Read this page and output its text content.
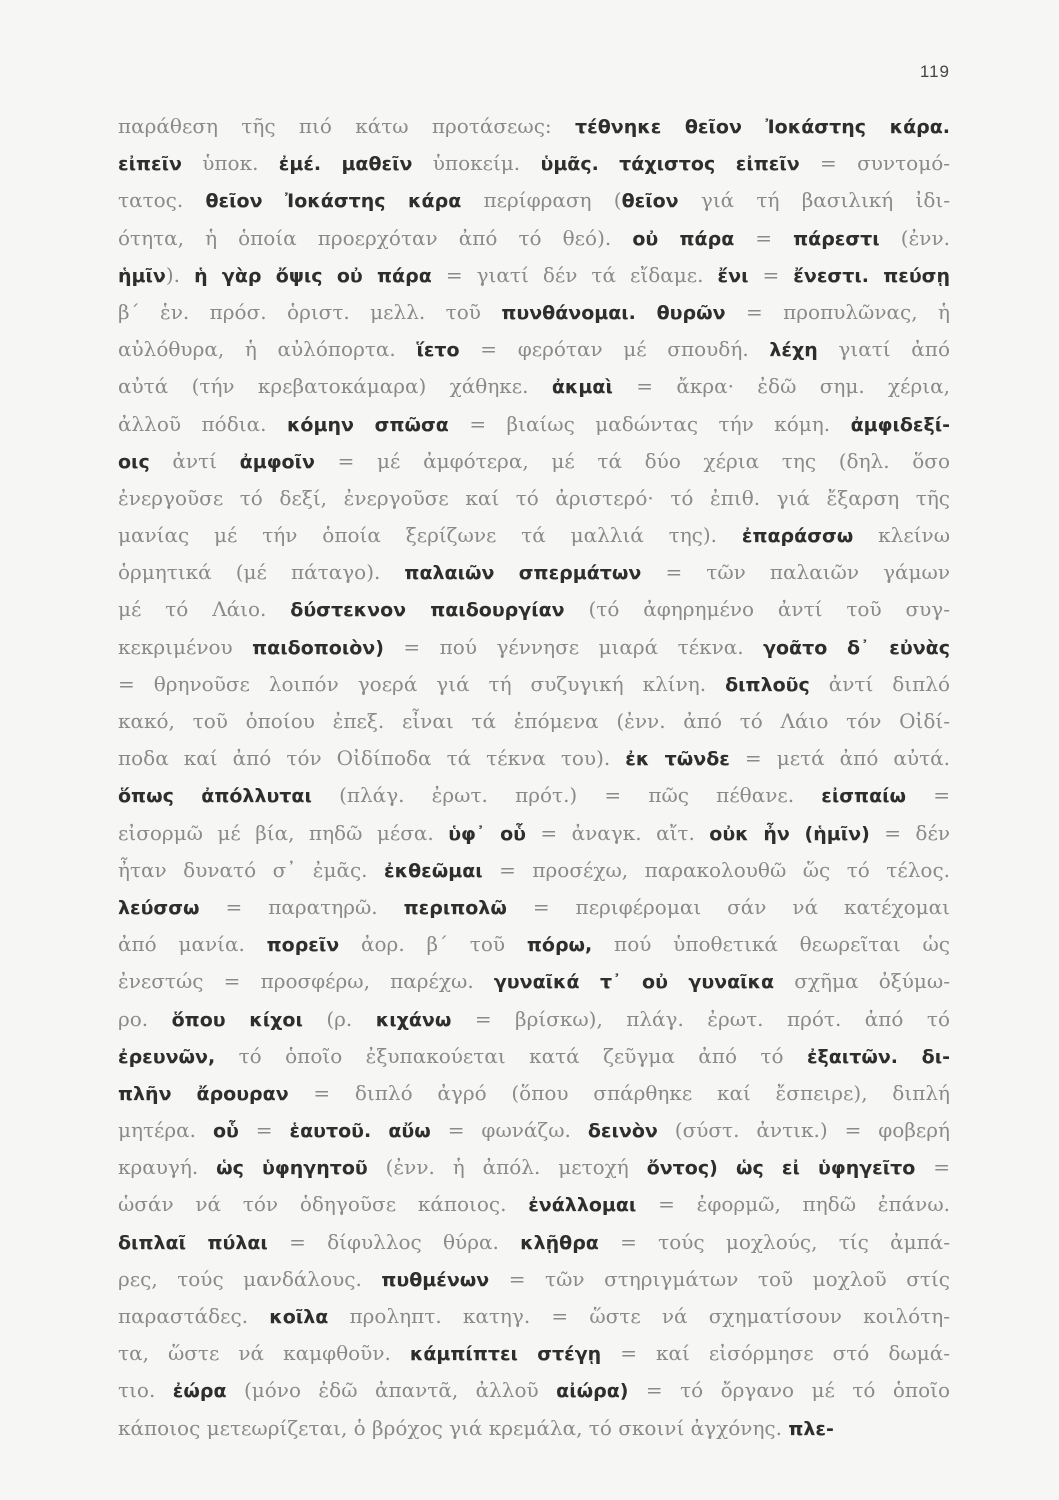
119
παράθεση τῆς πιό κάτω προτάσεως: τέθνηκε θεῖον Ἰοκάστης κάρα.
εἰπεῖν ὑποκ. ἐμέ. μαθεῖν ὑποκείμ. ὑμᾶς. τάχιστος εἰπεῖν = συντομό-
τατος. θεῖον Ἰοκάστης κάρα περίφραση (θεῖον γιά τή βασιλική ἰδι-
ότητα, ἡ ὁποία προερχόταν ἀπό τό θεό). οὐ πάρα = πάρεστι (ἐνν.
ἡμῖν). ἡ γὰρ ὄψις οὐ πάρα = γιατί δέν τά εἴδαμε. ἔνι = ἔνεστι. πεύσῃ
β΄ ἑν. πρόσ. ὁριστ. μελλ. τοῦ πυνθάνομαι. θυρῶν = προπυλῶνας, ἡ
αὐλόθυρα, ἡ αὐλόπορτα. ἵετο = φερόταν μέ σπουδή. λέχη γιατί ἀπό
αὐτά (τήν κρεβατοκάμαρα) χάθηκε. ἀκμαὶ = ἄκρα· ἐδῶ σημ. χέρια,
ἀλλοῦ πόδια. κόμην σπῶσα = βιαίως μαδώντας τήν κόμη. ἀμφιδεξί-
οις ἀντί ἀμφοῖν = μέ ἀμφότερα, μέ τά δύο χέρια της (δηλ. ὅσο
ἐνεργοῦσε τό δεξί, ἐνεργοῦσε καί τό ἀριστερό· τό ἐπιθ. γιά ἔξαρση τῆς
μανίας μέ τήν ὁποία ξερίζωνε τά μαλλιά της). ἐπαράσσω κλείνω
ὁρμητικά (μέ πάταγο). παλαιῶν σπερμάτων = τῶν παλαιῶν γάμων
μέ τό Λάιο. δύστεκνον παιδουργίαν (τό ἀφηρημένο ἀντί τοῦ συγ-
κεκριμένου παιδοποιὸν) = πού γέννησε μιαρά τέκνα. γοᾶτο δ᾽ εὐνὰς
= θρηνοῦσε λοιπόν γοερά γιά τή συζυγική κλίνη. διπλοῦς ἀντί διπλό
κακό, τοῦ ὁποίου ἐπεξ. εἶναι τά ἑπόμενα (ἐνν. ἀπό τό Λάιο τόν Οἰδί-
ποδα καί ἀπό τόν Οἰδίποδα τά τέκνα του). ἐκ τῶνδε = μετά ἀπό αὐτά.
ὅπως ἀπόλλυται (πλάγ. ἐρωτ. πρότ.) = πῶς πέθανε. εἰσπαίω =
εἰσορμῶ μέ βία, πηδῶ μέσα. ὑφ᾽ οὗ = ἀναγκ. αἴτ. οὐκ ἦν (ἡμῖν) = δέν
ἦταν δυνατό σ᾽ ἐμᾶς. ἐκθεῶμαι = προσέχω, παρακολουθῶ ὥς τό τέλος.
λεύσσω = παρατηρῶ. περιπολῶ = περιφέρομαι σάν νά κατέχομαι
ἀπό μανία. πορεῖν ἀορ. β΄ τοῦ πόρω, πού ὑποθετικά θεωρεῖται ὡς
ἐνεστώς = προσφέρω, παρέχω. γυναῖκά τ᾽ οὐ γυναῖκα σχῆμα ὀξύμω-
ρο. ὅπου κίχοι (ρ. κιχάνω = βρίσκω), πλάγ. ἐρωτ. πρότ. ἀπό τό
ἐρευνῶν, τό ὁποῖο ἐξυπακούεται κατά ζεῦγμα ἀπό τό ἐξαιτῶν. δι-
πλῆν ἄρουραν = διπλό ἀγρό (ὅπου σπάρθηκε καί ἔσπειρε), διπλή
μητέρα. οὗ = ἑαυτοῦ. αὔω = φωνάζω. δεινὸν (σύστ. ἀντικ.) = φοβερή
κραυγή. ὡς ὑφηγητοῦ (ἐνν. ἡ ἀπόλ. μετοχή ὄντος) ὡς εἰ ὑφηγεῖτο =
ὡσάν νά τόν ὁδηγοῦσε κάποιος. ἐνάλλομαι = ἐφορμῶ, πηδῶ ἐπάνω.
διπλαῖ πύλαι = δίφυλλος θύρα. κλῇθρα = τούς μοχλούς, τίς ἀμπά-
ρες, τούς μανδάλους. πυθμένων = τῶν στηριγμάτων τοῦ μοχλοῦ στίς
παραστάδες. κοῖλα προληπτ. κατηγ. = ὥστε νά σχηματίσουν κοιλότη-
τα, ὥστε νά καμφθοῦν. κάμπίπτει στέγῃ = καί εἰσόρμησε στό δωμά-
τιο. ἐώρα (μόνο ἐδῶ ἀπαντᾶ, ἀλλοῦ αἰώρα) = τό ὄργανο μέ τό ὁποῖο
κάποιος μετεωρίζεται, ὁ βρόχος γιά κρεμάλα, τό σκοινί ἀγχόνης. πλε-
